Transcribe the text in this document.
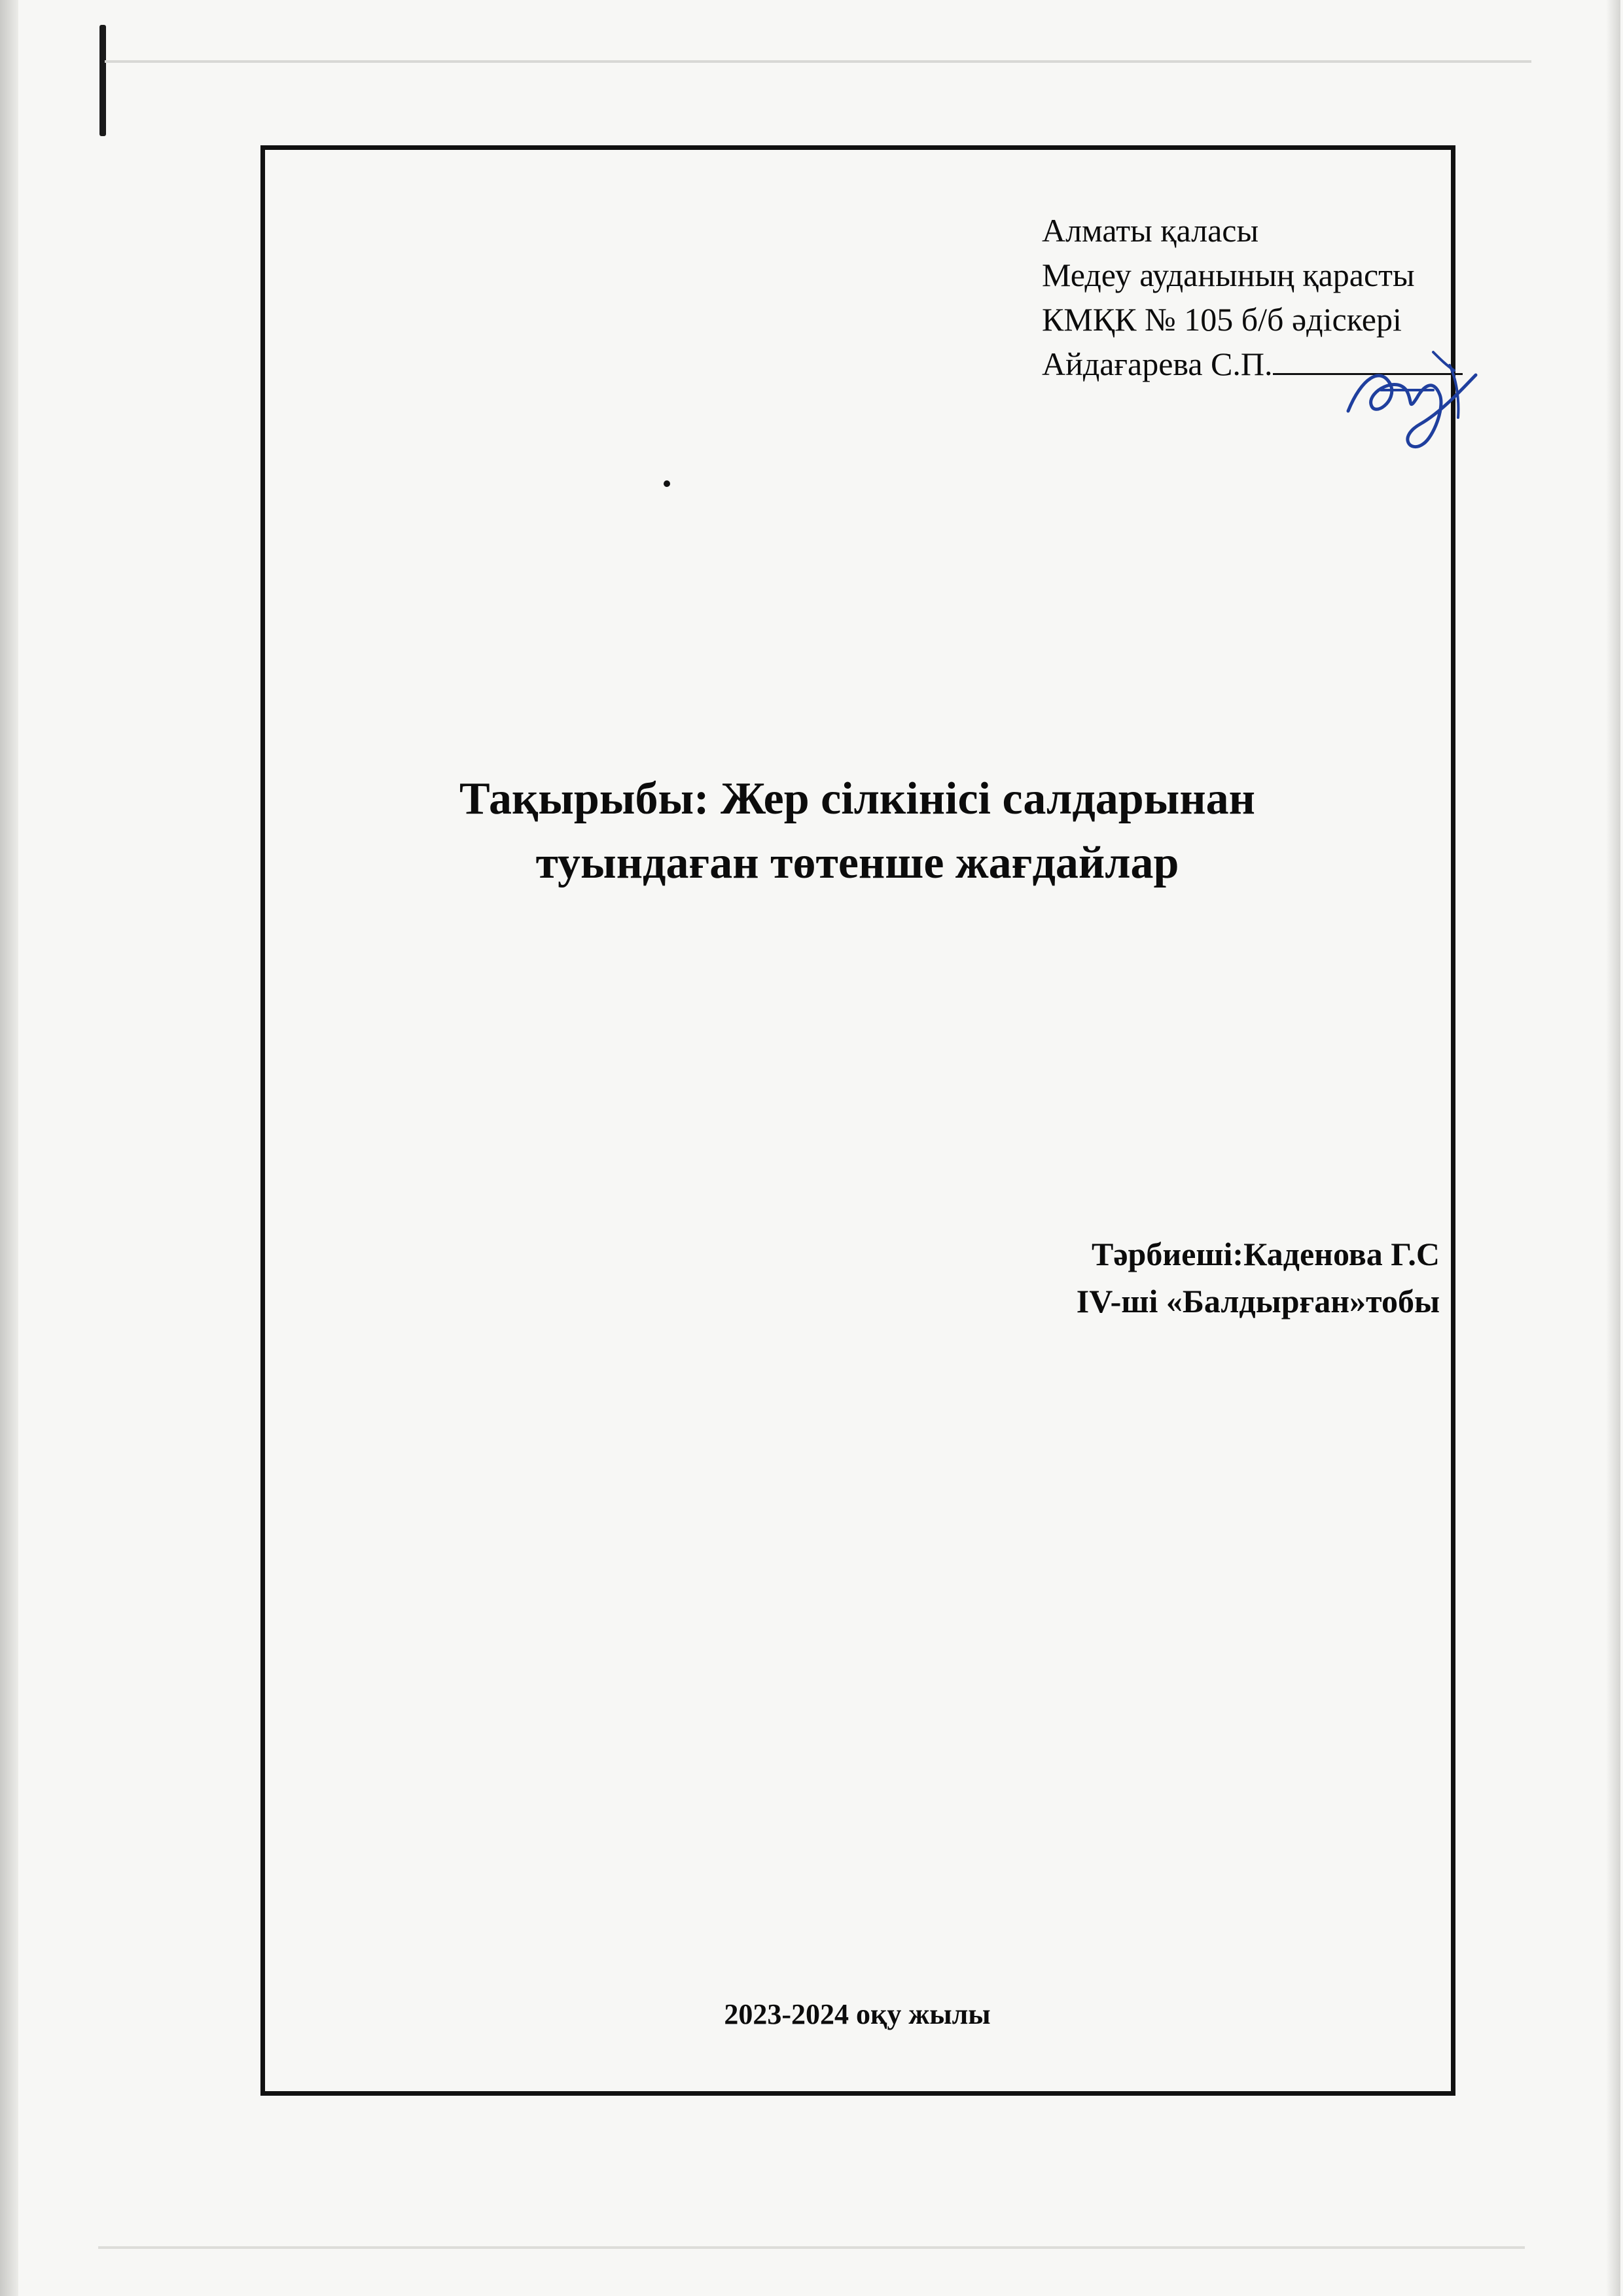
Алматы қаласы
Медеу ауданының қарасты
КМҚК № 105 б/б әдіскері
Айдағарева С.П.
Тақырыбы: Жер сілкінісі салдарынан
туындаған төтенше жағдайлар
Тәрбиеші:Каденова Г.С
IV-ші «Балдырған»тобы
2023-2024 оқу жылы
